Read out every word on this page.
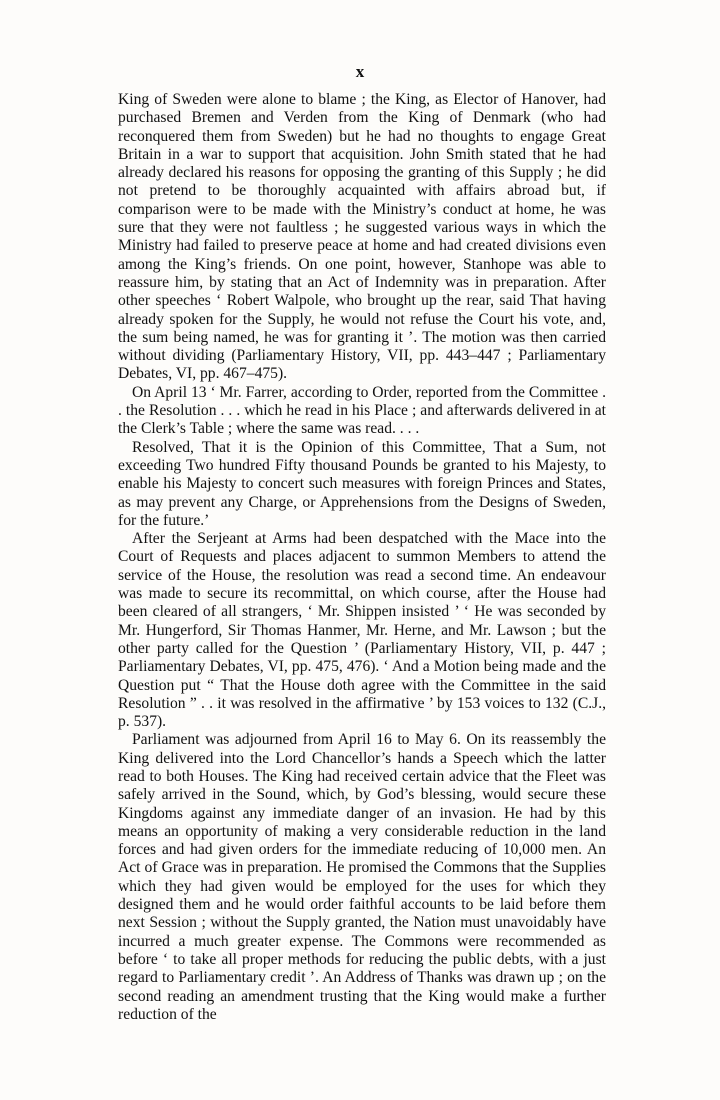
x

King of Sweden were alone to blame ; the King, as Elector of Hanover, had purchased Bremen and Verden from the King of Denmark (who had reconquered them from Sweden) but he had no thoughts to engage Great Britain in a war to support that acquisition. John Smith stated that he had already declared his reasons for opposing the granting of this Supply ; he did not pretend to be thoroughly acquainted with affairs abroad but, if comparison were to be made with the Ministry’s conduct at home, he was sure that they were not faultless ; he suggested various ways in which the Ministry had failed to preserve peace at home and had created divisions even among the King’s friends. On one point, however, Stanhope was able to reassure him, by stating that an Act of Indemnity was in preparation. After other speeches ‘ Robert Walpole, who brought up the rear, said That having already spoken for the Supply, he would not refuse the Court his vote, and, the sum being named, he was for granting it ’. The motion was then carried without dividing (Parliamentary History, VII, pp. 443–447 ; Parliamentary Debates, VI, pp. 467–475).

On April 13 ‘ Mr. Farrer, according to Order, reported from the Committee . . the Resolution . . . which he read in his Place ; and afterwards delivered in at the Clerk’s Table ; where the same was read. . . .

Resolved, That it is the Opinion of this Committee, That a Sum, not exceeding Two hundred Fifty thousand Pounds be granted to his Majesty, to enable his Majesty to concert such measures with foreign Princes and States, as may prevent any Charge, or Apprehensions from the Designs of Sweden, for the future.’

After the Serjeant at Arms had been despatched with the Mace into the Court of Requests and places adjacent to summon Members to attend the service of the House, the resolution was read a second time. An endeavour was made to secure its recommittal, on which course, after the House had been cleared of all strangers, ‘ Mr. Shippen insisted ’ ‘ He was seconded by Mr. Hungerford, Sir Thomas Hanmer, Mr. Herne, and Mr. Lawson ; but the other party called for the Question ’ (Parliamentary History, VII, p. 447 ; Parliamentary Debates, VI, pp. 475, 476). ‘ And a Motion being made and the Question put “ That the House doth agree with the Committee in the said Resolution ” . . it was resolved in the affirmative ’ by 153 voices to 132 (C.J., p. 537).

Parliament was adjourned from April 16 to May 6. On its reassembly the King delivered into the Lord Chancellor’s hands a Speech which the latter read to both Houses. The King had received certain advice that the Fleet was safely arrived in the Sound, which, by God’s blessing, would secure these Kingdoms against any immediate danger of an invasion. He had by this means an opportunity of making a very considerable reduction in the land forces and had given orders for the immediate reducing of 10,000 men. An Act of Grace was in preparation. He promised the Commons that the Supplies which they had given would be employed for the uses for which they designed them and he would order faithful accounts to be laid before them next Session ; without the Supply granted, the Nation must unavoidably have incurred a much greater expense. The Commons were recommended as before ‘ to take all proper methods for reducing the public debts, with a just regard to Parliamentary credit ’. An Address of Thanks was drawn up ; on the second reading an amendment trusting that the King would make a further reduction of the
